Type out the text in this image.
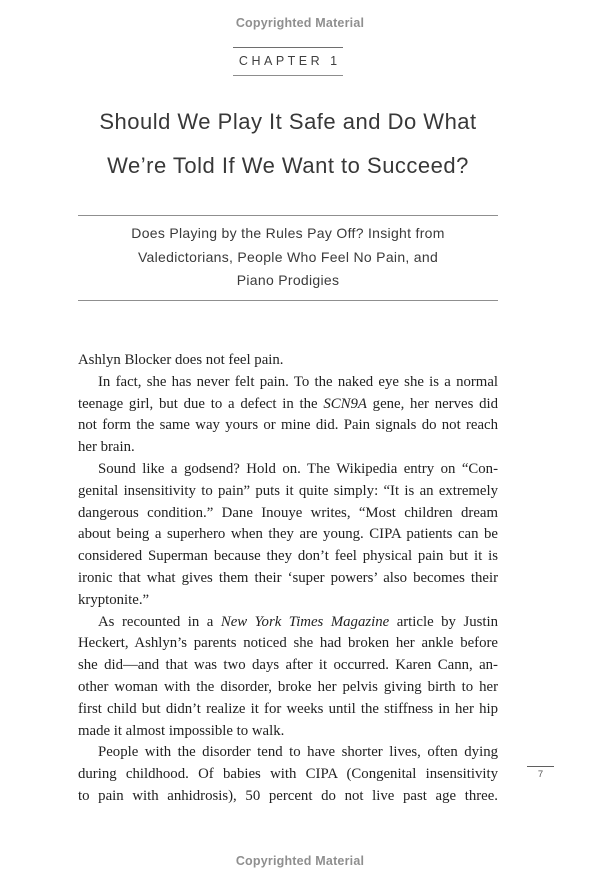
Copyrighted Material
CHAPTER 1
Should We Play It Safe and Do What
We’re Told If We Want to Succeed?
Does Playing by the Rules Pay Off? Insight from
Valedictorians, People Who Feel No Pain, and
Piano Prodigies
Ashlyn Blocker does not feel pain.
In fact, she has never felt pain. To the naked eye she is a normal
teenage girl, but due to a defect in the SCN9A gene, her nerves did
not form the same way yours or mine did. Pain signals do not reach
her brain.
Sound like a godsend? Hold on. The Wikipedia entry on “Con-
genital insensitivity to pain” puts it quite simply: “It is an extremely
dangerous condition.” Dane Inouye writes, “Most children dream
about being a superhero when they are young. CIPA patients can be
considered Superman because they don’t feel physical pain but it is
ironic that what gives them their ‘super powers’ also becomes their
kryptonite.”
As recounted in a New York Times Magazine article by Justin
Heckert, Ashlyn’s parents noticed she had broken her ankle before
she did—and that was two days after it occurred. Karen Cann, an-
other woman with the disorder, broke her pelvis giving birth to her
first child but didn’t realize it for weeks until the stiffness in her hip
made it almost impossible to walk.
People with the disorder tend to have shorter lives, often dying
during childhood. Of babies with CIPA (Congenital insensitivity
to pain with anhidrosis), 50 percent do not live past age three.
7
Copyrighted Material
